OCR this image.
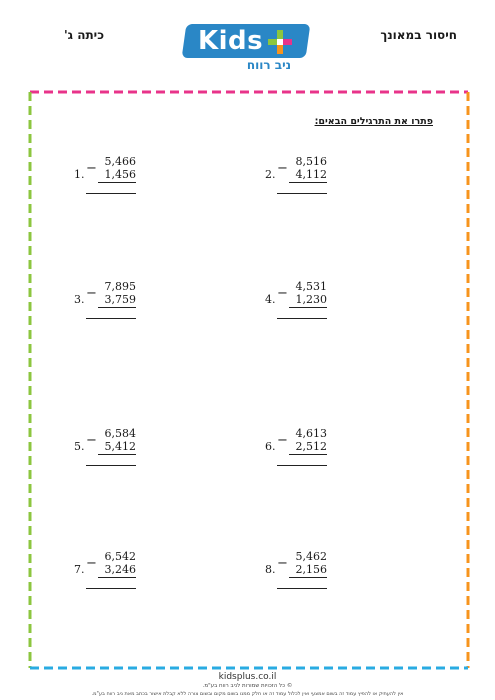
חיסור במאונך
כיתה ג'	Kids
ניב רווח
פתרו את התרגילים הבאים:
1. − 5,466
1,456	2. − 8,516
4,112
3. − 7,895
3,759	4. − 4,531
1,230
5. − 6,584
5,412	6. − 4,613
2,512
7. − 6,542
3,246	8. − 5,462
2,156
kidsplus.co.il
© כל הזכויות שמורות לניב רווח בע"מ.
אין להעתיק או להפיץ עמוד זה בשום אמצעי ואין לכלול עמוד זה או חלק ממנו בשום מקום ובשום צורה ללא קבלת אישור בכתב מאת ניב רווח בע"מ.
